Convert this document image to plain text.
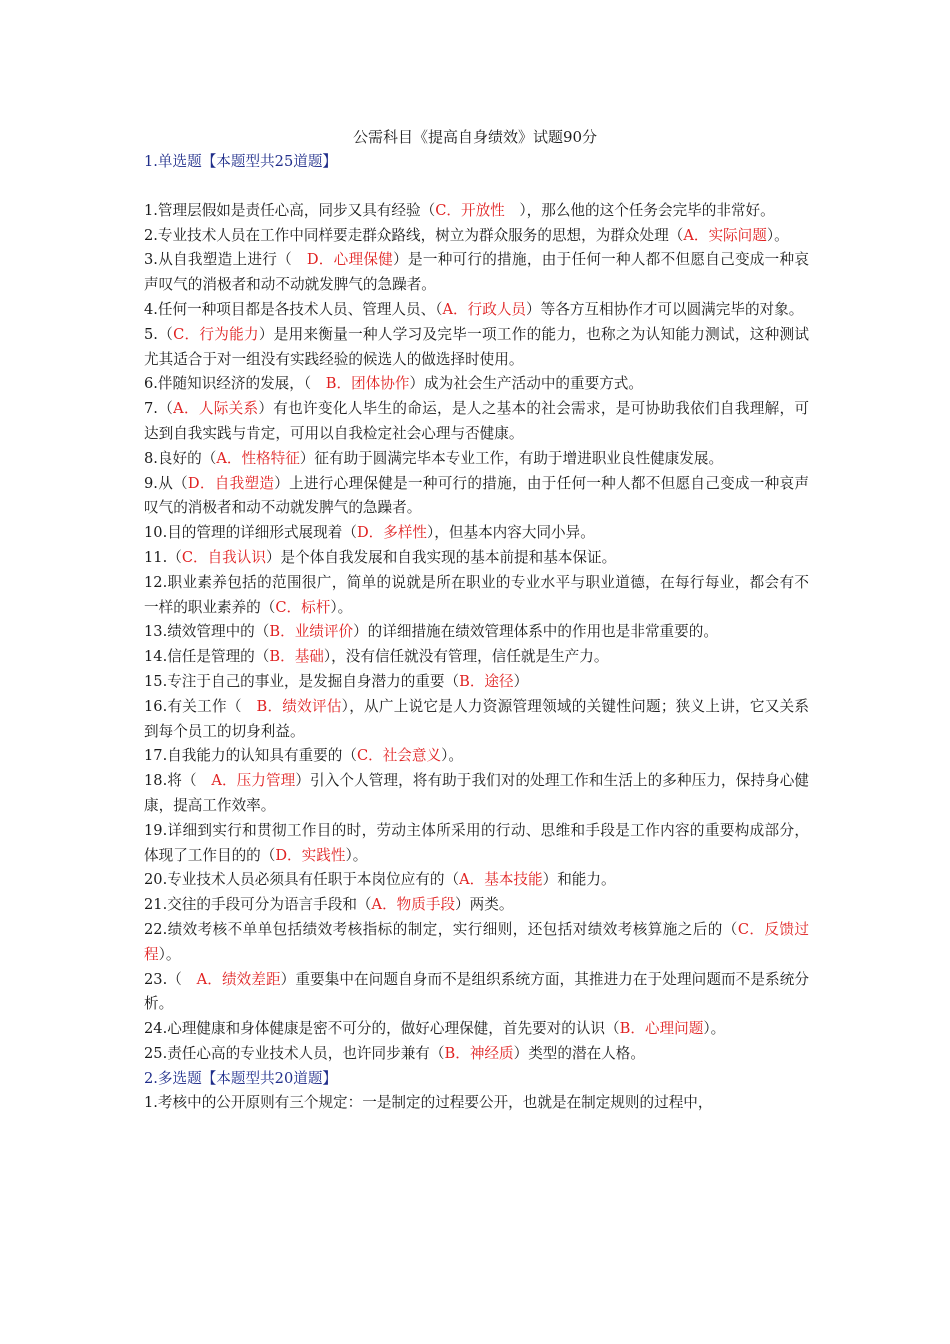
公需科目《提高自身绩效》试题90分
1.单选题【本题型共25道题】

1.管理层假如是责任心高，同步又具有经验（C．开放性　），那么他的这个任务会完毕的非常好。

2.专业技术人员在工作中同样要走群众路线，树立为群众服务的思想，为群众处理（A．实际问题）。

3.从自我塑造上进行（　D．心理保健）是一种可行的措施，由于任何一种人都不但愿自己变成一种哀声叹气的消极者和动不动就发脾气的急躁者。

4.任何一种项目都是各技术人员、管理人员、（A．行政人员）等各方互相协作才可以圆满完毕的对象。

5.（C．行为能力）是用来衡量一种人学习及完毕一项工作的能力，也称之为认知能力测试，这种测试尤其适合于对一组没有实践经验的候选人的做选择时使用。

6.伴随知识经济的发展，（　B．团体协作）成为社会生产活动中的重要方式。

7.（A．人际关系）有也许变化人毕生的命运，是人之基本的社会需求，是可协助我依们自我理解，可达到自我实践与肯定，可用以自我检定社会心理与否健康。

8.良好的（A．性格特征）征有助于圆满完毕本专业工作，有助于增进职业良性健康发展。

9.从（D．自我塑造）上进行心理保健是一种可行的措施，由于任何一种人都不但愿自己变成一种哀声叹气的消极者和动不动就发脾气的急躁者。

10.目的管理的详细形式展现着（D．多样性），但基本内容大同小异。

11.（C．自我认识）是个体自我发展和自我实现的基本前提和基本保证。

12.职业素养包括的范围很广，简单的说就是所在职业的专业水平与职业道德，在每行每业，都会有不一样的职业素养的（C．标杆）。

13.绩效管理中的（B．业绩评价）的详细措施在绩效管理体系中的作用也是非常重要的。

14.信任是管理的（B．基础），没有信任就没有管理，信任就是生产力。

15.专注于自己的事业，是发掘自身潜力的重要（B．途径）

16.有关工作（　B．绩效评估），从广上说它是人力资源管理领域的关键性问题；狭义上讲，它又关系到每个员工的切身利益。

17.自我能力的认知具有重要的（C．社会意义）。

18.将（　A．压力管理）引入个人管理，将有助于我们对的处理工作和生活上的多种压力，保持身心健康，提高工作效率。

19.详细到实行和贯彻工作目的时，劳动主体所采用的行动、思维和手段是工作内容的重要构成部分，体现了工作目的的（D．实践性）。

20.专业技术人员必须具有任职于本岗位应有的（A．基本技能）和能力。

21.交往的手段可分为语言手段和（A．物质手段）两类。

22.绩效考核不单单包括绩效考核指标的制定，实行细则，还包括对绩效考核算施之后的（C．反馈过程）。

23.（　A．绩效差距）重要集中在问题自身而不是组织系统方面，其推进力在于处理问题而不是系统分析。

24.心理健康和身体健康是密不可分的，做好心理保健，首先要对的认识（B．心理问题）。

25.责任心高的专业技术人员，也许同步兼有（B．神经质）类型的潜在人格。

2.多选题【本题型共20道题】

1.考核中的公开原则有三个规定：一是制定的过程要公开，也就是在制定规则的过程中，
